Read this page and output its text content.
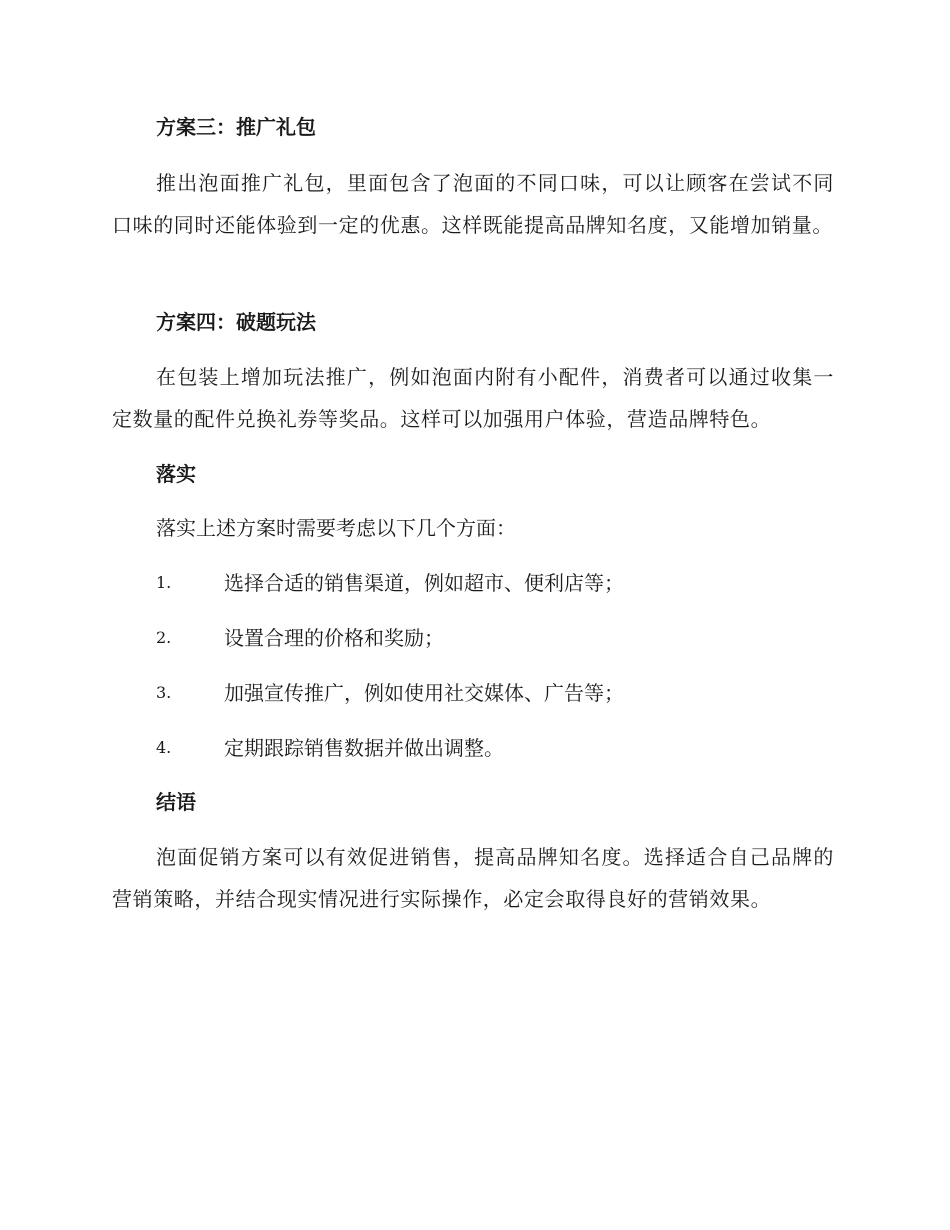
方案三：推广礼包
推出泡面推广礼包，里面包含了泡面的不同口味，可以让顾客在尝试不同口味的同时还能体验到一定的优惠。这样既能提高品牌知名度，又能增加销量。
方案四：破题玩法
在包装上增加玩法推广，例如泡面内附有小配件，消费者可以通过收集一定数量的配件兑换礼券等奖品。这样可以加强用户体验，营造品牌特色。
落实
落实上述方案时需要考虑以下几个方面：
1.	选择合适的销售渠道，例如超市、便利店等；
2.	设置合理的价格和奖励；
3.	加强宣传推广，例如使用社交媒体、广告等；
4.	定期跟踪销售数据并做出调整。
结语
泡面促销方案可以有效促进销售，提高品牌知名度。选择适合自己品牌的营销策略，并结合现实情况进行实际操作，必定会取得良好的营销效果。
